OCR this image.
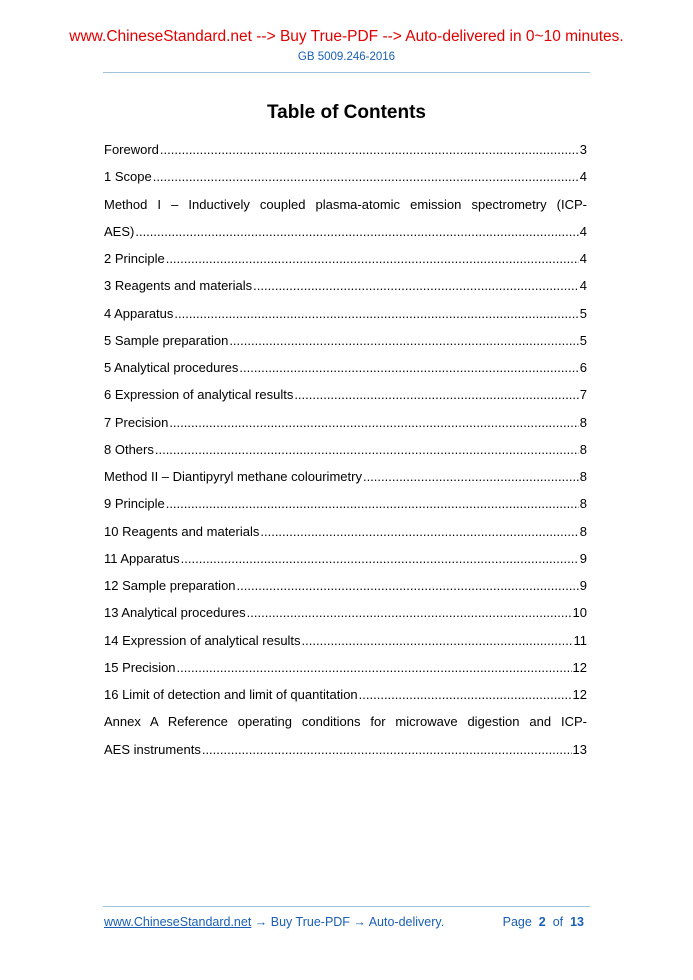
www.ChineseStandard.net --> Buy True-PDF --> Auto-delivered in 0~10 minutes.
GB 5009.246-2016
Table of Contents
Foreword .....	3
1 Scope .....	4
Method I – Inductively coupled plasma-atomic emission spectrometry (ICP-
AES) .....	4
2 Principle .....	4
3 Reagents and materials .....	4
4 Apparatus .....	5
5 Sample preparation .....	5
5 Analytical procedures .....	6
6 Expression of analytical results .....	7
7 Precision .....	8
8 Others .....	8
Method II – Diantipyryl methane colourimetry .....	8
9 Principle .....	8
10 Reagents and materials .....	8
11 Apparatus .....	9
12 Sample preparation .....	9
13 Analytical procedures .....	10
14 Expression of analytical results .....	11
15 Precision .....	12
16 Limit of detection and limit of quantitation .....	12
Annex A Reference operating conditions for microwave digestion and ICP-
AES instruments .....	13
www.ChineseStandard.net → Buy True-PDF → Auto-delivery.	Page 2 of 13
